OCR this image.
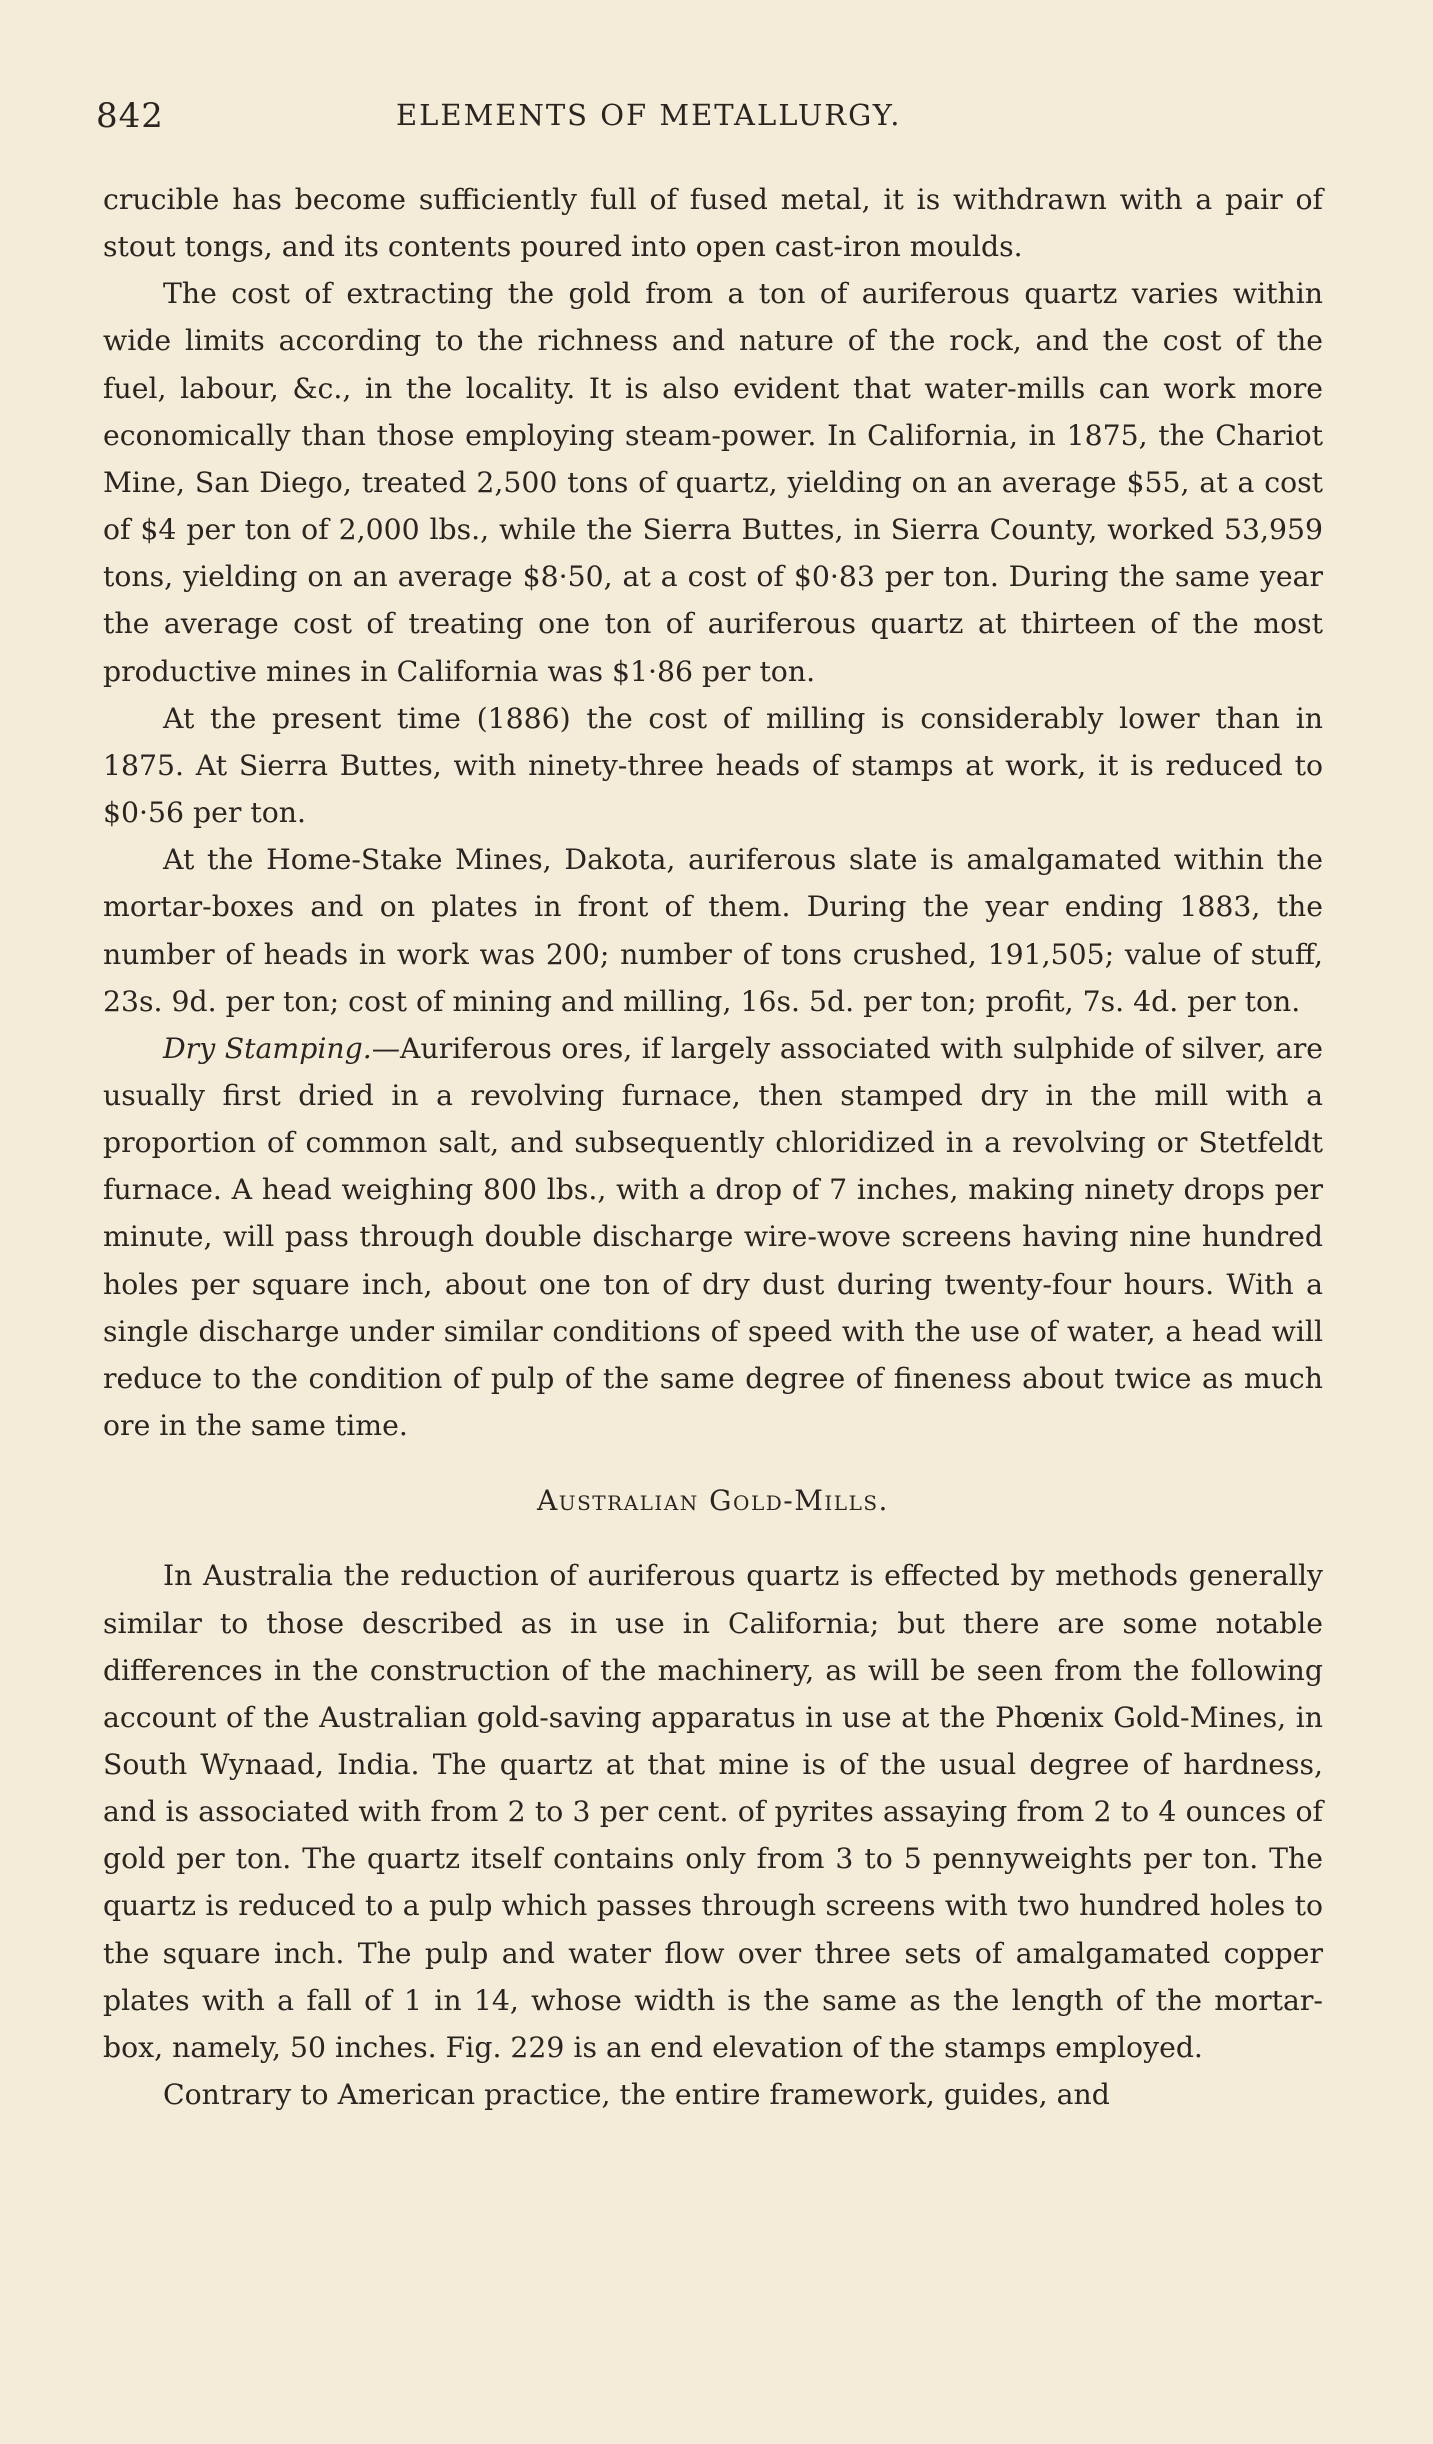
842	ELEMENTS OF METALLURGY.

crucible has become sufficiently full of fused metal, it is withdrawn with a pair of stout tongs, and its contents poured into open cast-iron moulds.

The cost of extracting the gold from a ton of auriferous quartz varies within wide limits according to the richness and nature of the rock, and the cost of the fuel, labour, &c., in the locality. It is also evident that water-mills can work more economically than those employing steam-power. In California, in 1875, the Chariot Mine, San Diego, treated 2,500 tons of quartz, yielding on an average $55, at a cost of $4 per ton of 2,000 lbs., while the Sierra Buttes, in Sierra County, worked 53,959 tons, yielding on an average $8·50, at a cost of $0·83 per ton. During the same year the average cost of treating one ton of auriferous quartz at thirteen of the most productive mines in California was $1·86 per ton.

At the present time (1886) the cost of milling is considerably lower than in 1875. At Sierra Buttes, with ninety-three heads of stamps at work, it is reduced to $0·56 per ton.

At the Home-Stake Mines, Dakota, auriferous slate is amalgamated within the mortar-boxes and on plates in front of them. During the year ending 1883, the number of heads in work was 200; number of tons crushed, 191,505; value of stuff, 23s. 9d. per ton; cost of mining and milling, 16s. 5d. per ton; profit, 7s. 4d. per ton.

Dry Stamping.—Auriferous ores, if largely associated with sulphide of silver, are usually first dried in a revolving furnace, then stamped dry in the mill with a proportion of common salt, and subsequently chloridized in a revolving or Stetfeldt furnace. A head weighing 800 lbs., with a drop of 7 inches, making ninety drops per minute, will pass through double discharge wire-wove screens having nine hundred holes per square inch, about one ton of dry dust during twenty-four hours. With a single discharge under similar conditions of speed with the use of water, a head will reduce to the condition of pulp of the same degree of fineness about twice as much ore in the same time.

Australian Gold-Mills.

In Australia the reduction of auriferous quartz is effected by methods generally similar to those described as in use in California; but there are some notable differences in the construction of the machinery, as will be seen from the following account of the Australian gold-saving apparatus in use at the Phœnix Gold-Mines, in South Wynaad, India. The quartz at that mine is of the usual degree of hardness, and is associated with from 2 to 3 per cent. of pyrites assaying from 2 to 4 ounces of gold per ton. The quartz itself contains only from 3 to 5 pennyweights per ton. The quartz is reduced to a pulp which passes through screens with two hundred holes to the square inch. The pulp and water flow over three sets of amalgamated copper plates with a fall of 1 in 14, whose width is the same as the length of the mortar-box, namely, 50 inches. Fig. 229 is an end elevation of the stamps employed.

Contrary to American practice, the entire framework, guides, and
